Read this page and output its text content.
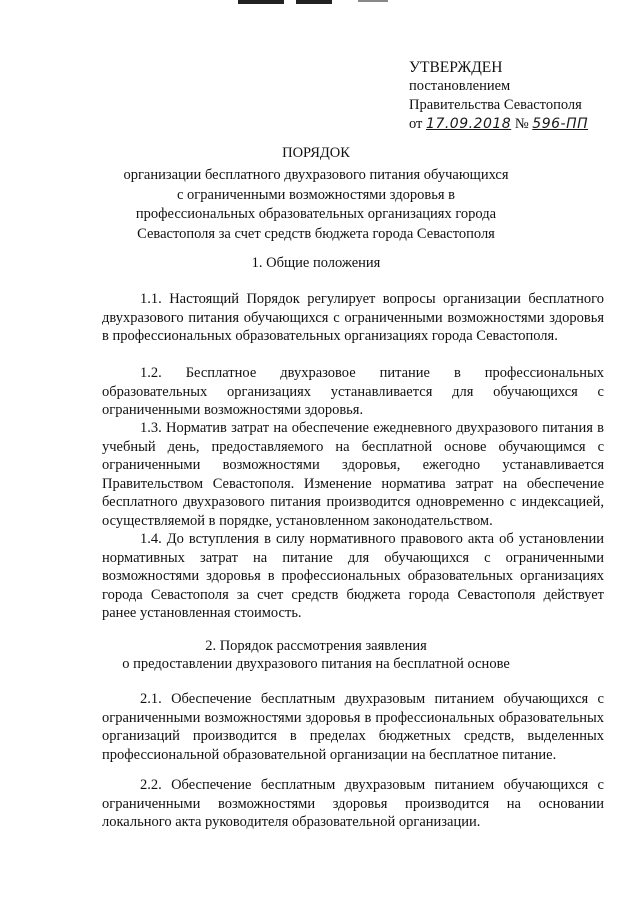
УТВЕРЖДЕН
постановлением
Правительства Севастополя
от 17.09.2018 № 596-ПП
ПОРЯДОК
организации бесплатного двухразового питания обучающихся с ограниченными возможностями здоровья в профессиональных образовательных организациях города Севастополя за счет средств бюджета города Севастополя
1. Общие положения
1.1. Настоящий Порядок регулирует вопросы организации бесплатного двухразового питания обучающихся с ограниченными возможностями здоровья в профессиональных образовательных организациях города Севастополя.
1.2. Бесплатное двухразовое питание в профессиональных образовательных организациях устанавливается для обучающихся с ограниченными возможностями здоровья.
1.3. Норматив затрат на обеспечение ежедневного двухразового питания в учебный день, предоставляемого на бесплатной основе обучающимся с ограниченными возможностями здоровья, ежегодно устанавливается Правительством Севастополя. Изменение норматива затрат на обеспечение бесплатного двухразового питания производится одновременно с индексацией, осуществляемой в порядке, установленном законодательством.
1.4. До вступления в силу нормативного правового акта об установлении нормативных затрат на питание для обучающихся с ограниченными возможностями здоровья в профессиональных образовательных организациях города Севастополя за счет средств бюджета города Севастополя действует ранее установленная стоимость.
2. Порядок рассмотрения заявления
о предоставлении двухразового питания на бесплатной основе
2.1. Обеспечение бесплатным двухразовым питанием обучающихся с ограниченными возможностями здоровья в профессиональных образовательных организаций производится в пределах бюджетных средств, выделенных профессиональной образовательной организации на бесплатное питание.
2.2. Обеспечение бесплатным двухразовым питанием обучающихся с ограниченными возможностями здоровья производится на основании локального акта руководителя образовательной организации.
